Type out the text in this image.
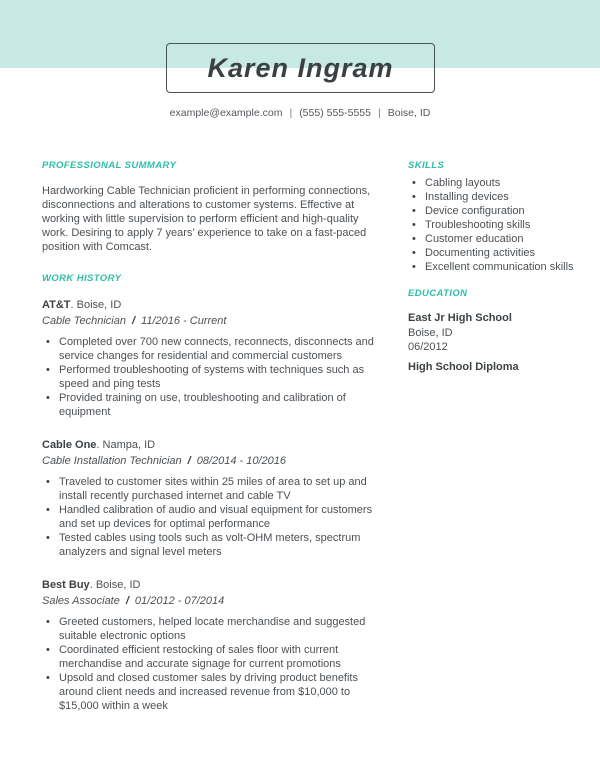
Karen Ingram
example@example.com | (555) 555-5555 | Boise, ID
PROFESSIONAL SUMMARY

Hardworking Cable Technician proficient in performing connections, disconnections and alterations to customer systems. Effective at working with little supervision to perform efficient and high-quality work. Desiring to apply 7 years’ experience to take on a fast-paced position with Comcast.

WORK HISTORY
AT&T. Boise, ID
Cable Technician / 11/2016 - Current
• Completed over 700 new connects, reconnects, disconnects and service changes for residential and commercial customers
• Performed troubleshooting of systems with techniques such as speed and ping tests
• Provided training on use, troubleshooting and calibration of equipment
Cable One. Nampa, ID
Cable Installation Technician / 08/2014 - 10/2016
• Traveled to customer sites within 25 miles of area to set up and install recently purchased internet and cable TV
• Handled calibration of audio and visual equipment for customers and set up devices for optimal performance
• Tested cables using tools such as volt-OHM meters, spectrum analyzers and signal level meters
Best Buy. Boise, ID
Sales Associate / 01/2012 - 07/2014
• Greeted customers, helped locate merchandise and suggested suitable electronic options
• Coordinated efficient restocking of sales floor with current merchandise and accurate signage for current promotions
• Upsold and closed customer sales by driving product benefits around client needs and increased revenue from $10,000 to $15,000 within a week
SKILLS
• Cabling layouts
• Installing devices
• Device configuration
• Troubleshooting skills
• Customer education
• Documenting activities
• Excellent communication skills
EDUCATION
East Jr High School
Boise, ID
06/2012
High School Diploma
